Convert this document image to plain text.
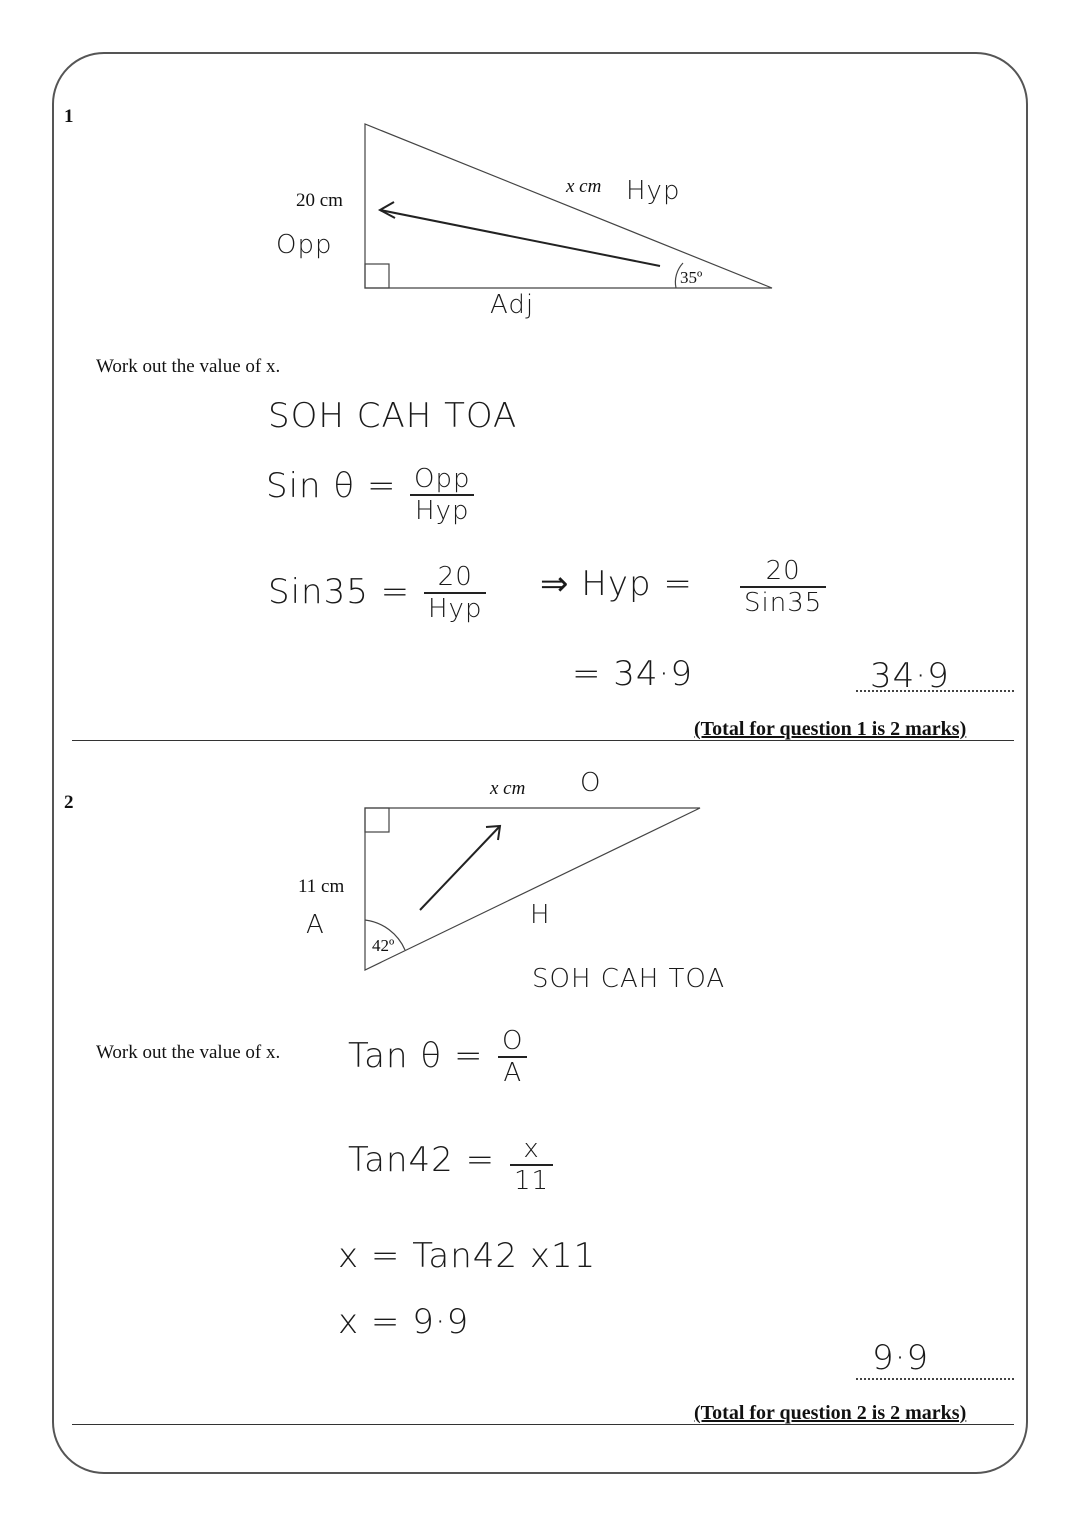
1
20 cm
x cm
35º
Hyp
Opp
Adj
Work out the value of x.
SOH CAH TOA
Sin θ = Opp
Hyp
Sin35 =	20
Hyp
⇒ Hyp =	20
Sin35
= 34·9	34·9
(Total for question 1 is 2 marks)
2
x cm O
11 cm
A	H
42º
SOH CAH TOA
Work out the value of x. Tan $\theta = \frac{O}{A}$
$Tan42 = \frac{x}{11}$
x = Tan42 x11
x = 9·9
9·9
(Total for question 2 is 2 marks)
